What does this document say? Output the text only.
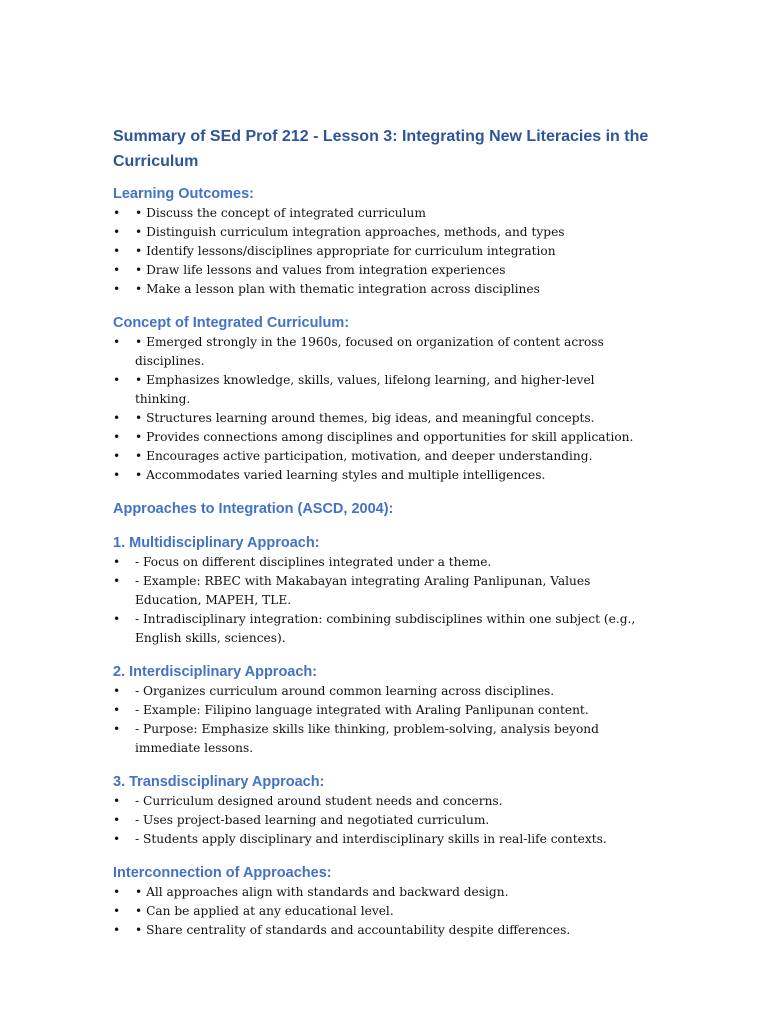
Summary of SEd Prof 212 - Lesson 3: Integrating New Literacies in the Curriculum
Learning Outcomes:
• • Discuss the concept of integrated curriculum
• • Distinguish curriculum integration approaches, methods, and types
• • Identify lessons/disciplines appropriate for curriculum integration
• • Draw life lessons and values from integration experiences
• • Make a lesson plan with thematic integration across disciplines
Concept of Integrated Curriculum:
• • Emerged strongly in the 1960s, focused on organization of content across disciplines.
• • Emphasizes knowledge, skills, values, lifelong learning, and higher-level thinking.
• • Structures learning around themes, big ideas, and meaningful concepts.
• • Provides connections among disciplines and opportunities for skill application.
• • Encourages active participation, motivation, and deeper understanding.
• • Accommodates varied learning styles and multiple intelligences.
Approaches to Integration (ASCD, 2004):
1. Multidisciplinary Approach:
• - Focus on different disciplines integrated under a theme.
• - Example: RBEC with Makabayan integrating Araling Panlipunan, Values Education, MAPEH, TLE.
• - Intradisciplinary integration: combining subdisciplines within one subject (e.g., English skills, sciences).
2. Interdisciplinary Approach:
• - Organizes curriculum around common learning across disciplines.
• - Example: Filipino language integrated with Araling Panlipunan content.
• - Purpose: Emphasize skills like thinking, problem-solving, analysis beyond immediate lessons.
3. Transdisciplinary Approach:
• - Curriculum designed around student needs and concerns.
• - Uses project-based learning and negotiated curriculum.
• - Students apply disciplinary and interdisciplinary skills in real-life contexts.
Interconnection of Approaches:
• • All approaches align with standards and backward design.
• • Can be applied at any educational level.
• • Share centrality of standards and accountability despite differences.
